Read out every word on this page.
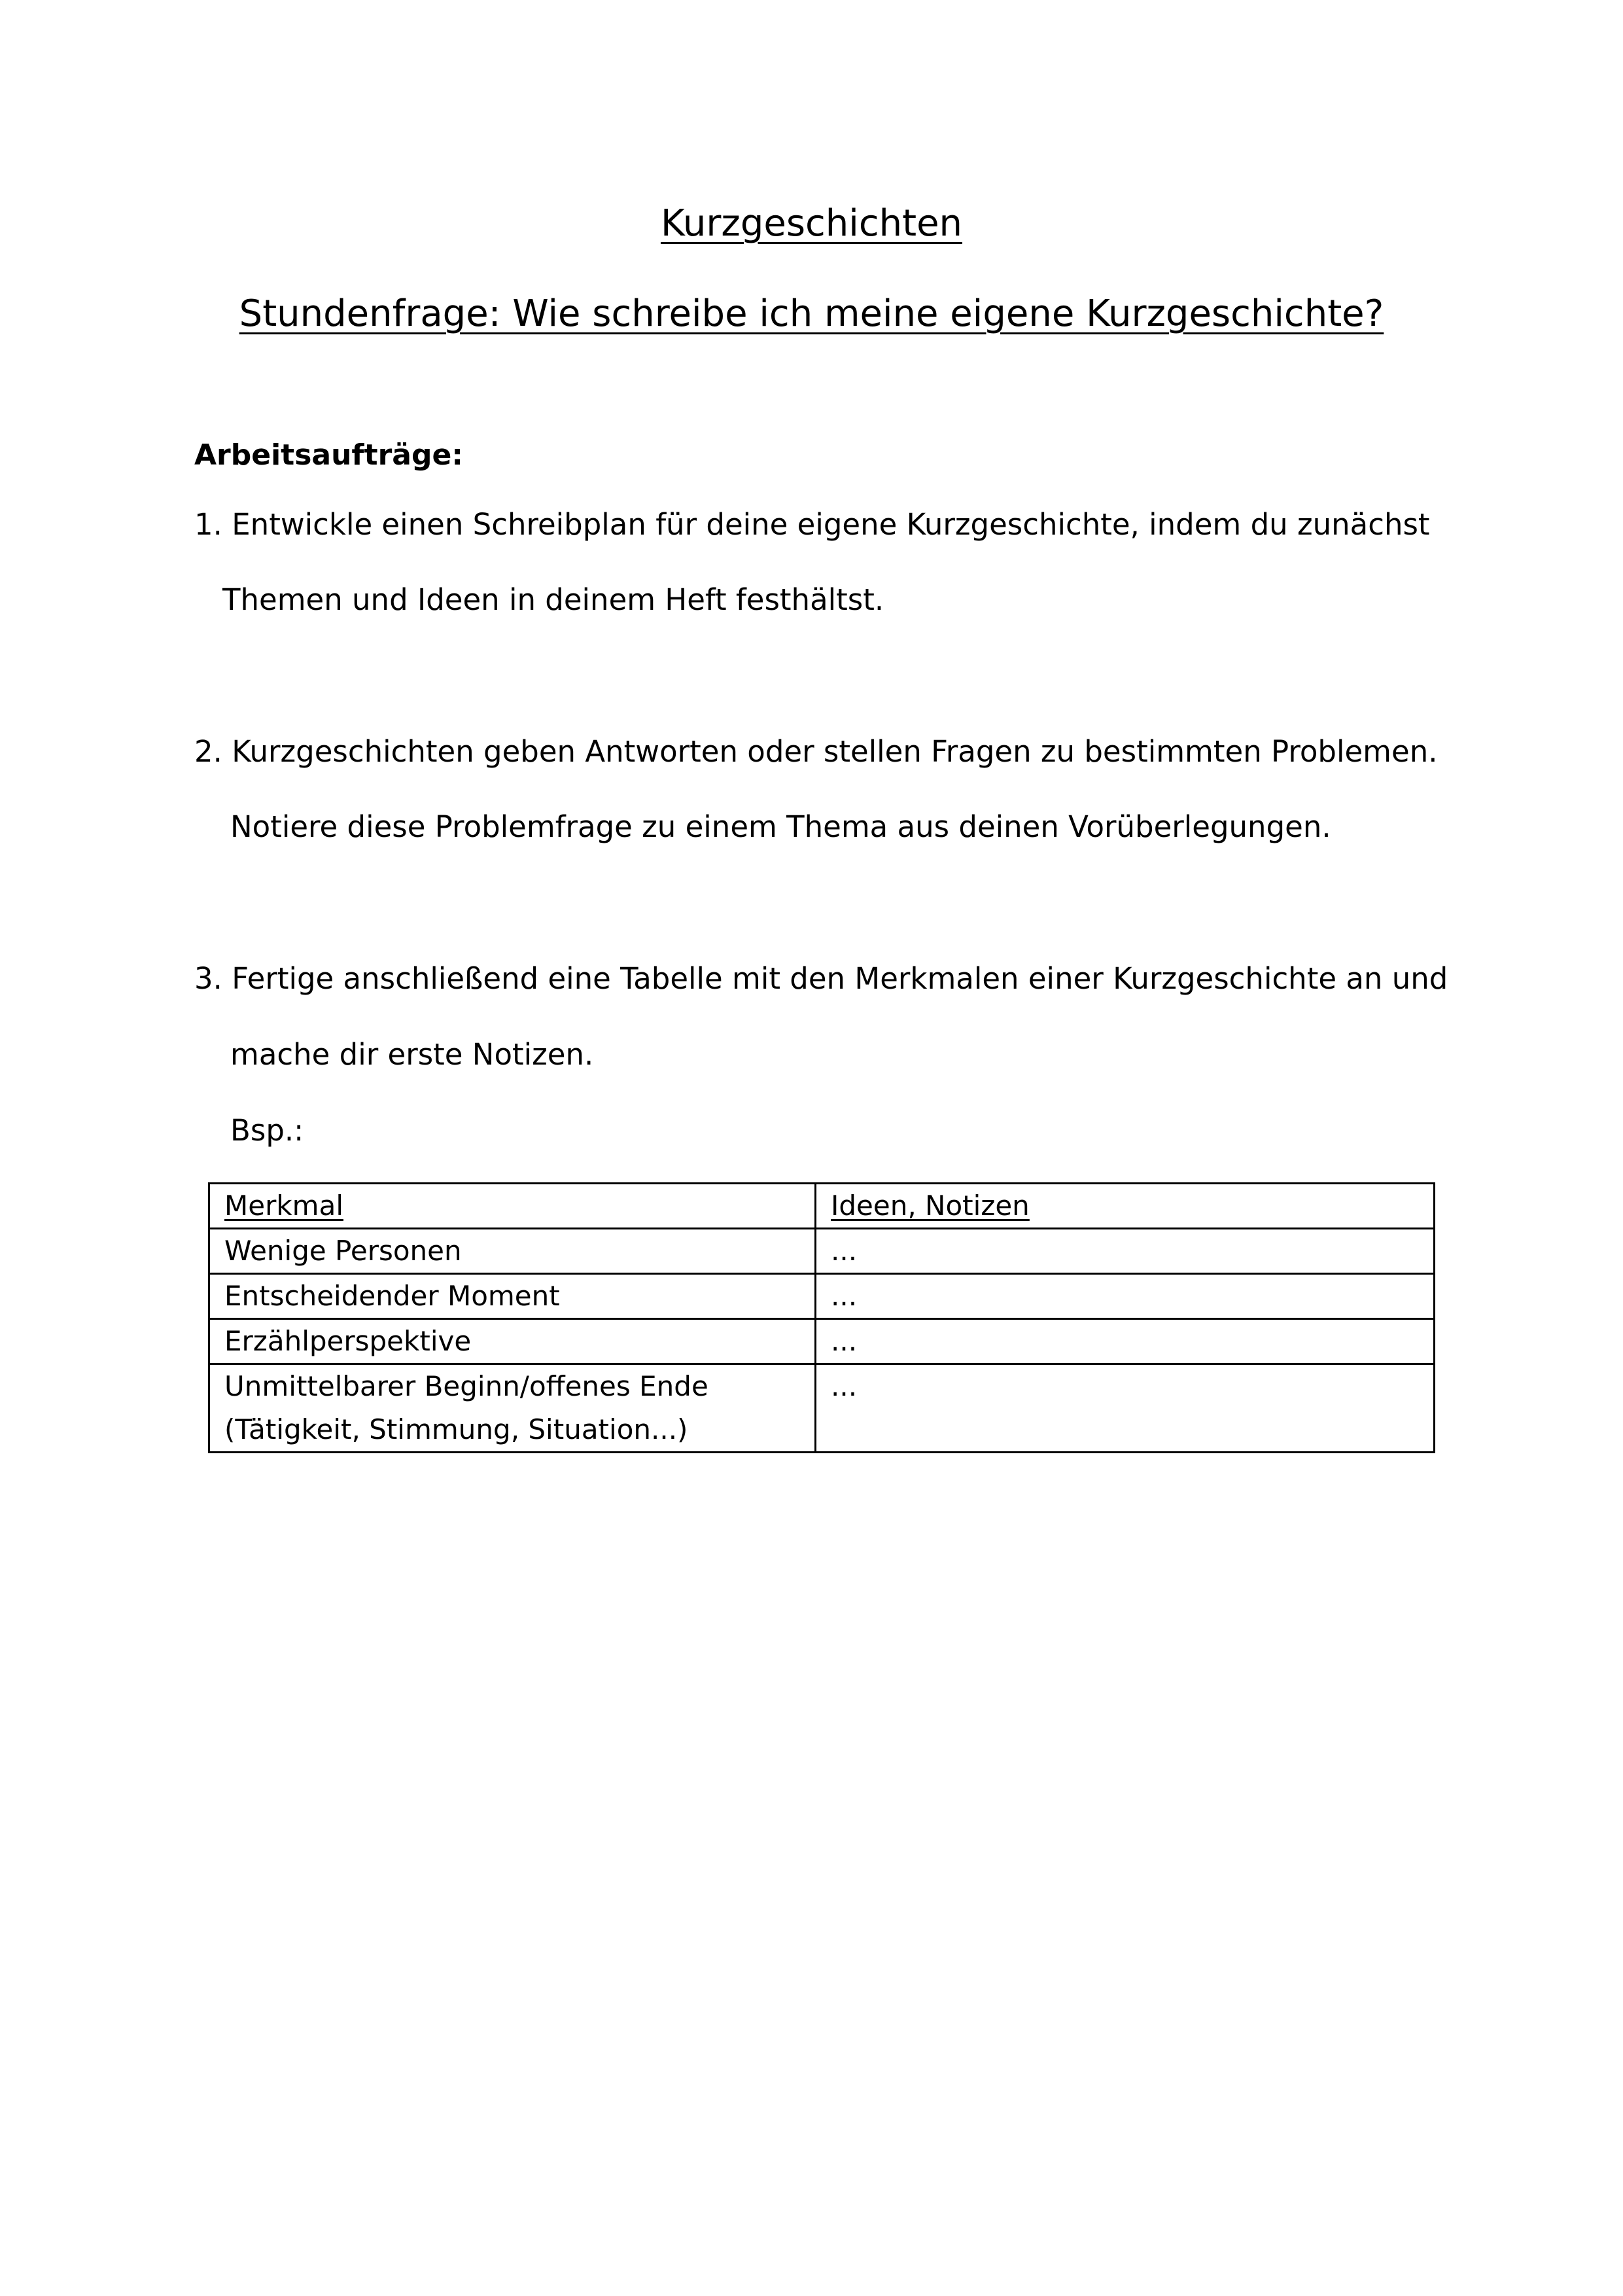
Kurzgeschichten
Stundenfrage: Wie schreibe ich meine eigene Kurzgeschichte?

Arbeitsaufträge:

1. Entwickle einen Schreibplan für deine eigene Kurzgeschichte, indem du zunächst

Themen und Ideen in deinem Heft festhältst.

2. Kurzgeschichten geben Antworten oder stellen Fragen zu bestimmten Problemen.

Notiere diese Problemfrage zu einem Thema aus deinen Vorüberlegungen.

3. Fertige anschließend eine Tabelle mit den Merkmalen einer Kurzgeschichte an und

mache dir erste Notizen.

Bsp.:

Merkmal	Ideen, Notizen
Wenige Personen	...
Entscheidender Moment	...
Erzählperspektive	...

Unmittelbarer Beginn/offenes Ende
(Tätigkeit, Stimmung, Situation...)	...
